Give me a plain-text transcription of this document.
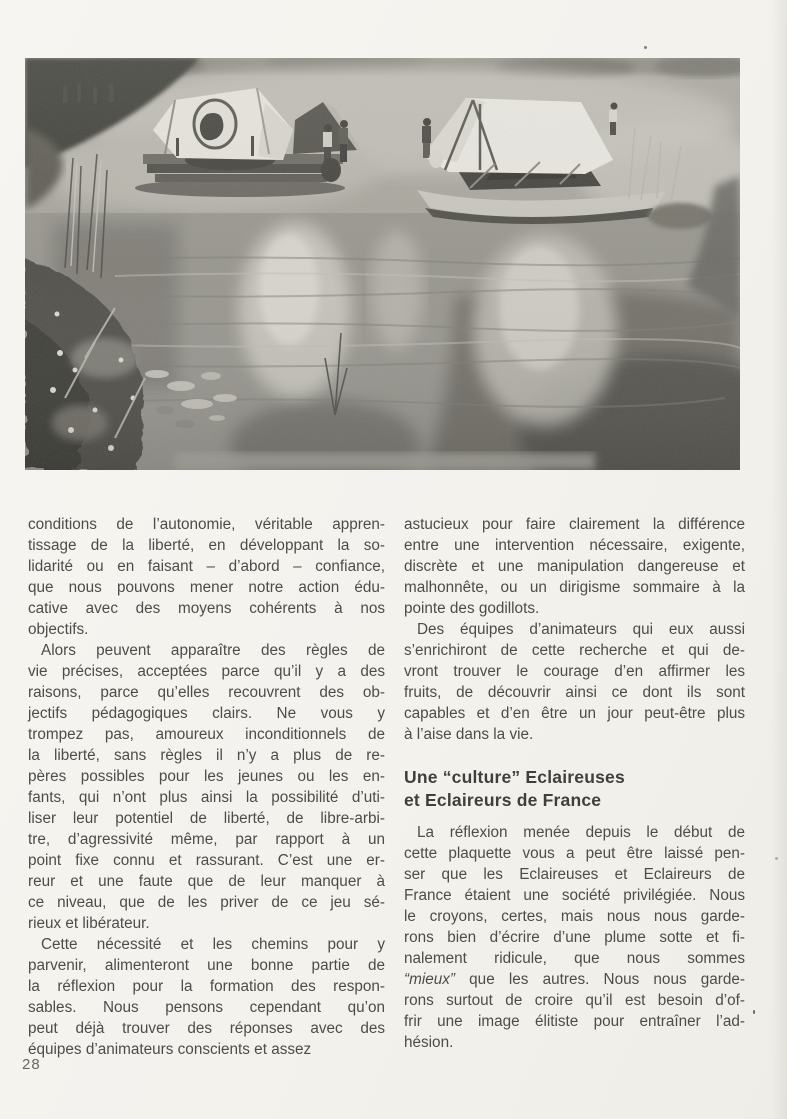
conditions de l’autonomie, véritable appren-
tissage de la liberté, en développant la so-
lidarité ou en faisant – d’abord – confiance,
que nous pouvons mener notre action édu-
cative avec des moyens cohérents à nos
objectifs.
Alors peuvent apparaître des règles de
vie précises, acceptées parce qu’il y a des
raisons, parce qu’elles recouvrent des ob-
jectifs pédagogiques clairs. Ne vous y
trompez pas, amoureux inconditionnels de
la liberté, sans règles il n’y a plus de re-
pères possibles pour les jeunes ou les en-
fants, qui n’ont plus ainsi la possibilité d’uti-
liser leur potentiel de liberté, de libre-arbi-
tre, d’agressivité même, par rapport à un
point fixe connu et rassurant. C’est une er-
reur et une faute que de leur manquer à
ce niveau, que de les priver de ce jeu sé-
rieux et libérateur.
Cette nécessité et les chemins pour y
parvenir, alimenteront une bonne partie de
la réflexion pour la formation des respon-
sables. Nous pensons cependant qu’on
peut déjà trouver des réponses avec des
équipes d’animateurs conscients et assez
astucieux pour faire clairement la différence
entre une intervention nécessaire, exigente,
discrète et une manipulation dangereuse et
malhonnête, ou un dirigisme sommaire à la
pointe des godillots.
Des équipes d’animateurs qui eux aussi
s’enrichiront de cette recherche et qui de-
vront trouver le courage d’en affirmer les
fruits, de découvrir ainsi ce dont ils sont
capables et d’en être un jour peut-être plus
à l’aise dans la vie.
Une “culture” Eclaireuses
et Eclaireurs de France
La réflexion menée depuis le début de
cette plaquette vous a peut être laissé pen-
ser que les Eclaireuses et Eclaireurs de
France étaient une société privilégiée. Nous
le croyons, certes, mais nous nous garde-
rons bien d’écrire d’une plume sotte et fi-
nalement ridicule, que nous sommes
“mieux” que les autres. Nous nous garde-
rons surtout de croire qu’il est besoin d’of-
frir une image élitiste pour entraîner l’ad-
hésion.
28
